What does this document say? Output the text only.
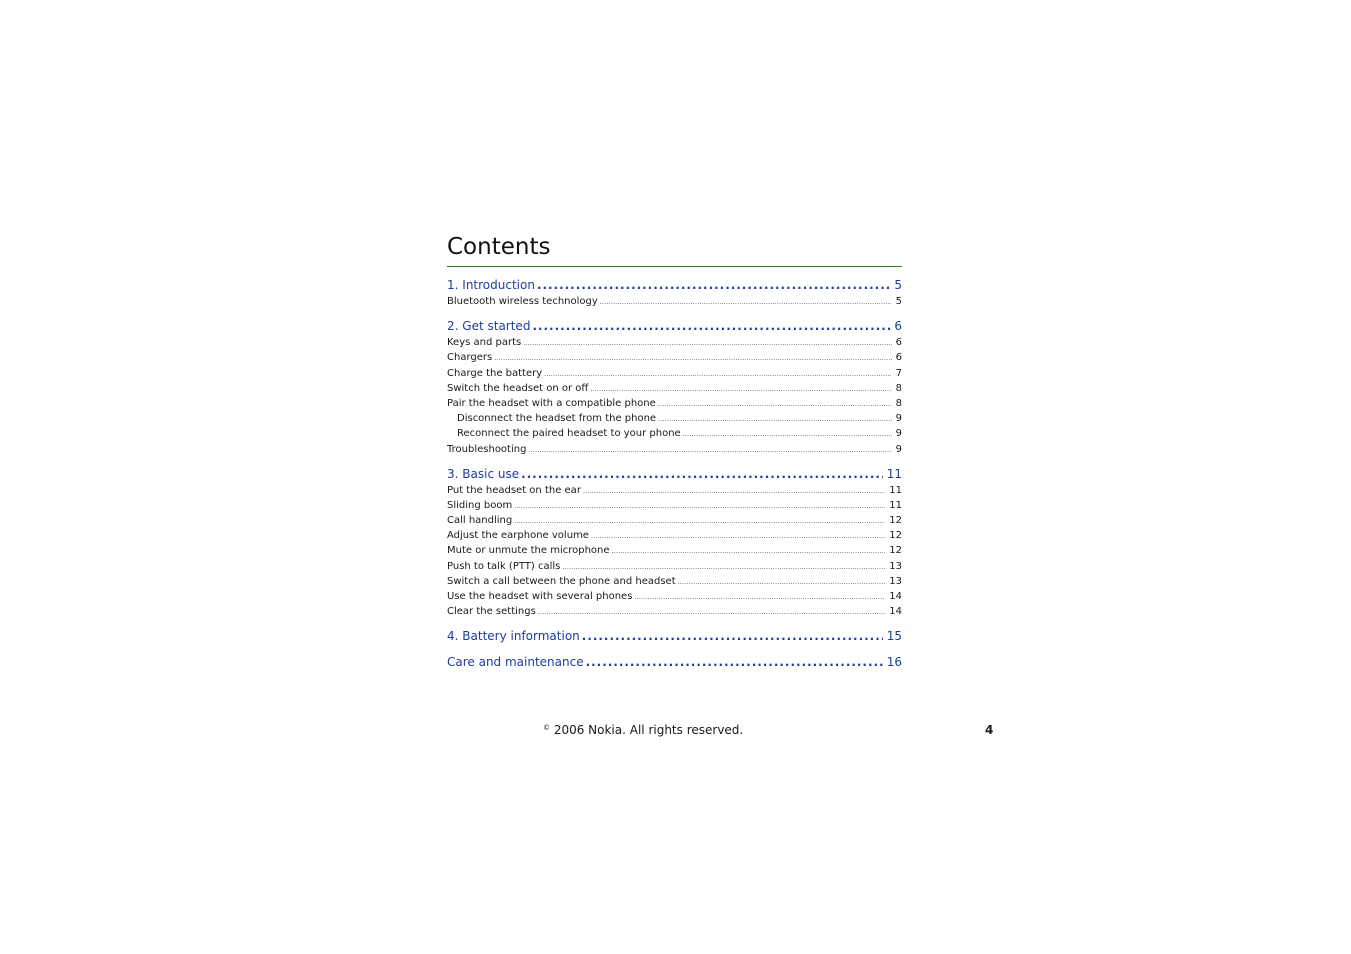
Contents
1. Introduction . . .	5
Bluetooth wireless technology . . .	5
2. Get started . . .	6
Keys and parts . . .	6
Chargers . . .	6
Charge the battery . . .	7
Switch the headset on or off . . .	8
Pair the headset with a compatible phone . . .	8
Disconnect the headset from the phone . . .	9
Reconnect the paired headset to your phone . . .	9
Troubleshooting . . .	9
3. Basic use . . .	11
Put the headset on the ear . . .	11
Sliding boom . . .	11
Call handling . . .	12
Adjust the earphone volume . . .	12
Mute or unmute the microphone . . .	12
Push to talk (PTT) calls . . .	13
Switch a call between the phone and headset . . .	13
Use the headset with several phones . . .	14
Clear the settings . . .	14
4. Battery information . . .	15
Care and maintenance . . .	16
© 2006 Nokia. All rights reserved.	4
